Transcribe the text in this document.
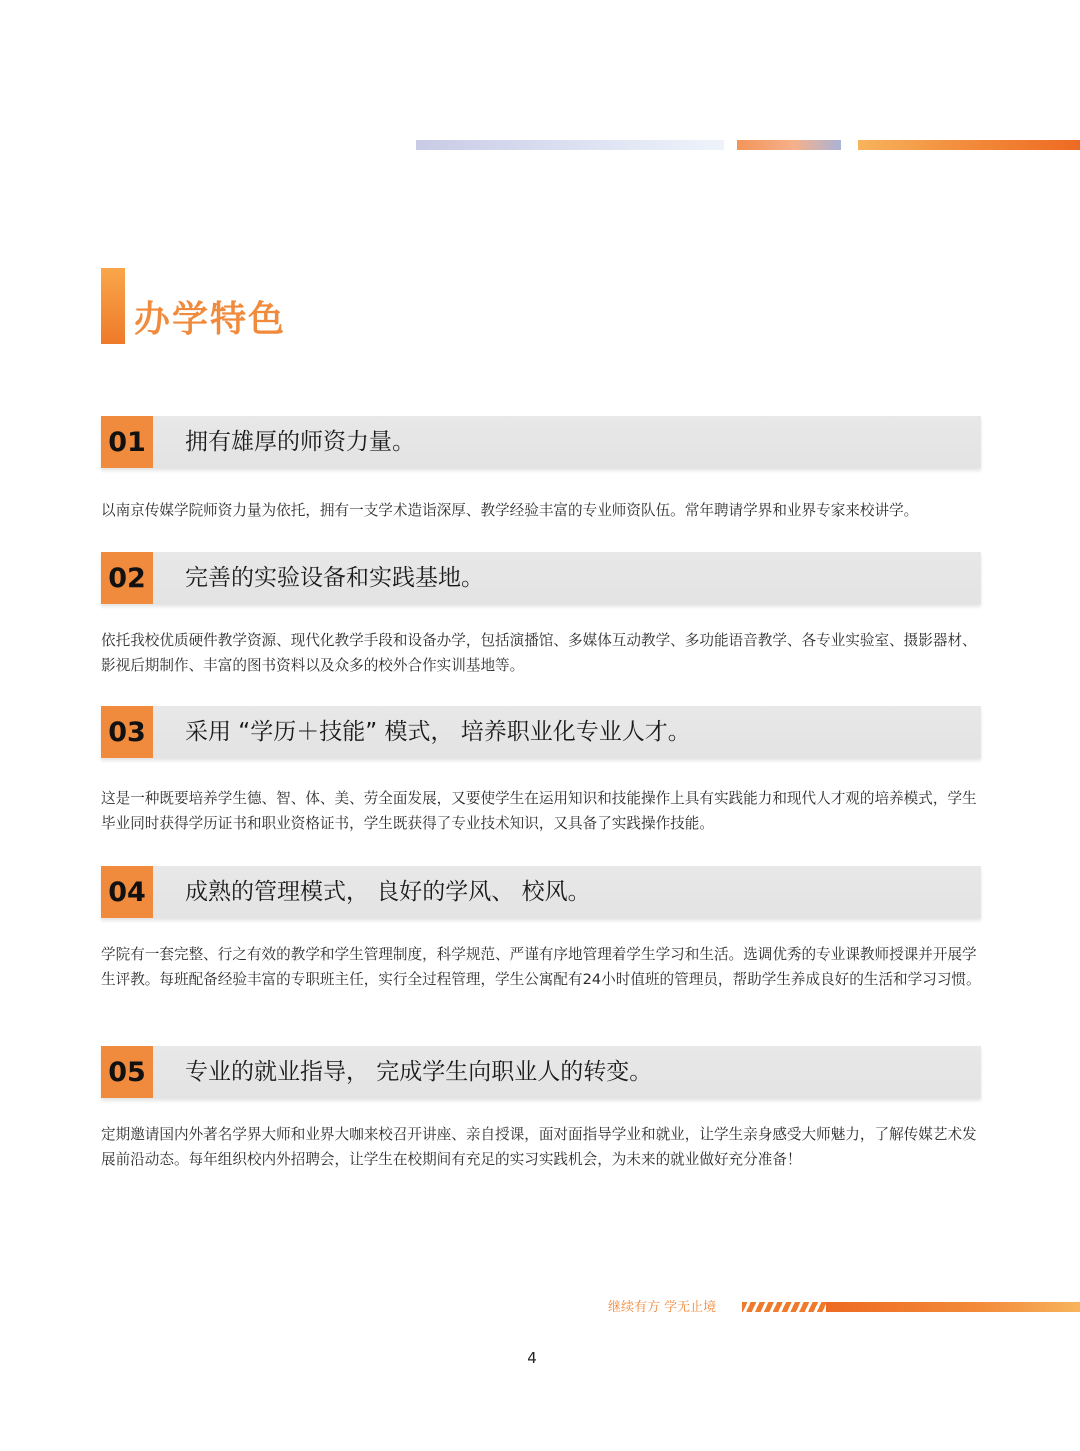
办学特色
01	拥有雄厚的师资力量。

以南京传媒学院师资力量为依托，拥有一支学术造诣深厚、教学经验丰富的专业师资队伍。常年聘请学界和业界专家来校讲学。

02	完善的实验设备和实践基地。

依托我校优质硬件教学资源、现代化教学手段和设备办学，包括演播馆、多媒体互动教学、多功能语音教学、各专业实验室、摄影器材、影视后期制作、丰富的图书资料以及众多的校外合作实训基地等。

03	采用 “学历＋技能” 模式， 培养职业化专业人才。

这是一种既要培养学生德、智、体、美、劳全面发展，又要使学生在运用知识和技能操作上具有实践能力和现代人才观的培养模式，学生毕业同时获得学历证书和职业资格证书，学生既获得了专业技术知识，又具备了实践操作技能。

04	成熟的管理模式， 良好的学风、 校风。

学院有一套完整、行之有效的教学和学生管理制度，科学规范、严谨有序地管理着学生学习和生活。选调优秀的专业课教师授课并开展学生评教。每班配备经验丰富的专职班主任，实行全过程管理，学生公寓配有24小时值班的管理员，帮助学生养成良好的生活和学习习惯。

05	专业的就业指导， 完成学生向职业人的转变。

定期邀请国内外著名学界大师和业界大咖来校召开讲座、亲自授课，面对面指导学业和就业，让学生亲身感受大师魅力，了解传媒艺术发展前沿动态。每年组织校内外招聘会，让学生在校期间有充足的实习实践机会，为未来的就业做好充分准备！

继续有方 学无止境
4
